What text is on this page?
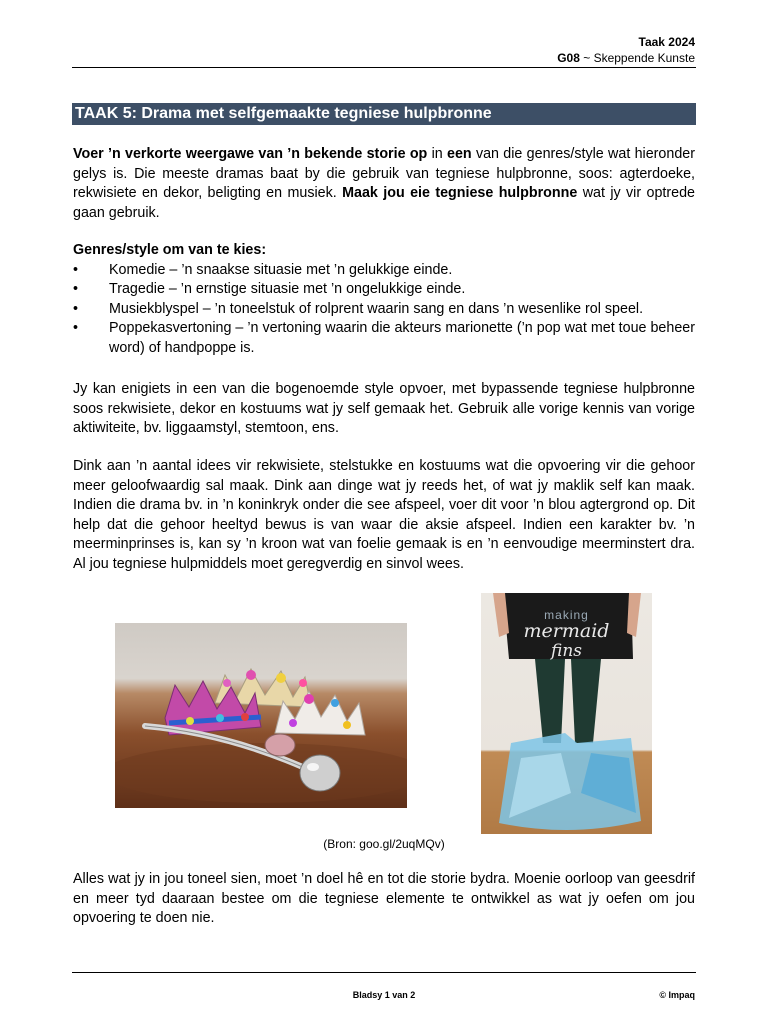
Taak 2024
G08 ~ Skeppende Kunste
TAAK 5: Drama met selfgemaakte tegniese hulpbronne
Voer ’n verkorte weergawe van ’n bekende storie op in een van die genres/style wat hieronder gelys is. Die meeste dramas baat by die gebruik van tegniese hulpbronne, soos: agterdoeke, rekwisiete en dekor, beligting en musiek. Maak jou eie tegniese hulpbronne wat jy vir optrede gaan gebruik.
Genres/style om van te kies:
• Komedie – ’n snaakse situasie met ’n gelukkige einde.
• Tragedie – ’n ernstige situasie met ’n ongelukkige einde.
• Musiekblyspel – ’n toneelstuk of rolprent waarin sang en dans ’n wesenlike rol speel.
• Poppekasvertoning – ’n vertoning waarin die akteurs marionette (’n pop wat met toue beheer word) of handpoppe is.
Jy kan enigiets in een van die bogenoemde style opvoer, met bypassende tegniese hulpbronne soos rekwisiete, dekor en kostuums wat jy self gemaak het. Gebruik alle vorige kennis van vorige aktiwiteite, bv. liggaamstyl, stemtoon, ens.
Dink aan ’n aantal idees vir rekwisiete, stelstukke en kostuums wat die opvoering vir die gehoor meer geloofwaardig sal maak. Dink aan dinge wat jy reeds het, of wat jy maklik self kan maak. Indien die drama bv. in ’n koninkryk onder die see afspeel, voer dit voor ’n blou agtergrond op. Dit help dat die gehoor heeltyd bewus is van waar die aksie afspeel. Indien een karakter bv. ’n meerminprinses is, kan sy ’n kroon wat van foelie gemaak is en ’n eenvoudige meerminstert dra. Al jou tegniese hulpmiddels moet geregverdig en sinvol wees.
making
mermaid
fins
(Bron: goo.gl/2uqMQv)
Alles wat jy in jou toneel sien, moet ’n doel hê en tot die storie bydra. Moenie oorloop van geesdrif en meer tyd daaraan bestee om die tegniese elemente te ontwikkel as wat jy oefen om jou opvoering te doen nie.
Bladsy 1 van 2	© Impaq
